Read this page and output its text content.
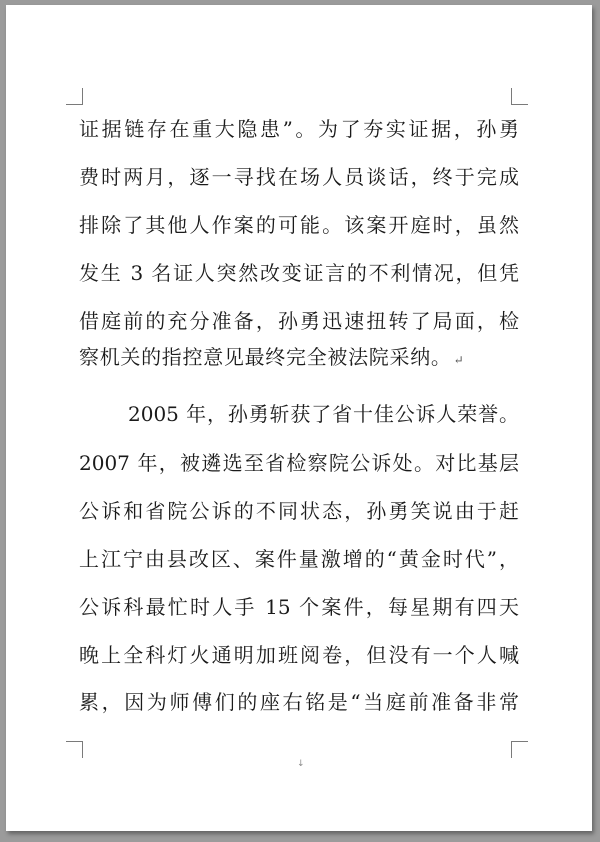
证据链存在重大隐患”。为了夯实证据，孙勇
费时两月，逐一寻找在场人员谈话，终于完成
排除了其他人作案的可能。该案开庭时，虽然
发生 3 名证人突然改变证言的不利情况，但凭
借庭前的充分准备，孙勇迅速扭转了局面，检
察机关的指控意见最终完全被法院采纳。 ↵
2005 年，孙勇斩获了省十佳公诉人荣誉。
2007 年，被遴选至省检察院公诉处。对比基层
公诉和省院公诉的不同状态，孙勇笑说由于赶
上江宁由县改区、案件量激增的“黄金时代”，
公诉科最忙时人手 15 个案件，每星期有四天
晚上全科灯火通明加班阅卷，但没有一个人喊
累，因为师傅们的座右铭是“当庭前准备非常
↓
